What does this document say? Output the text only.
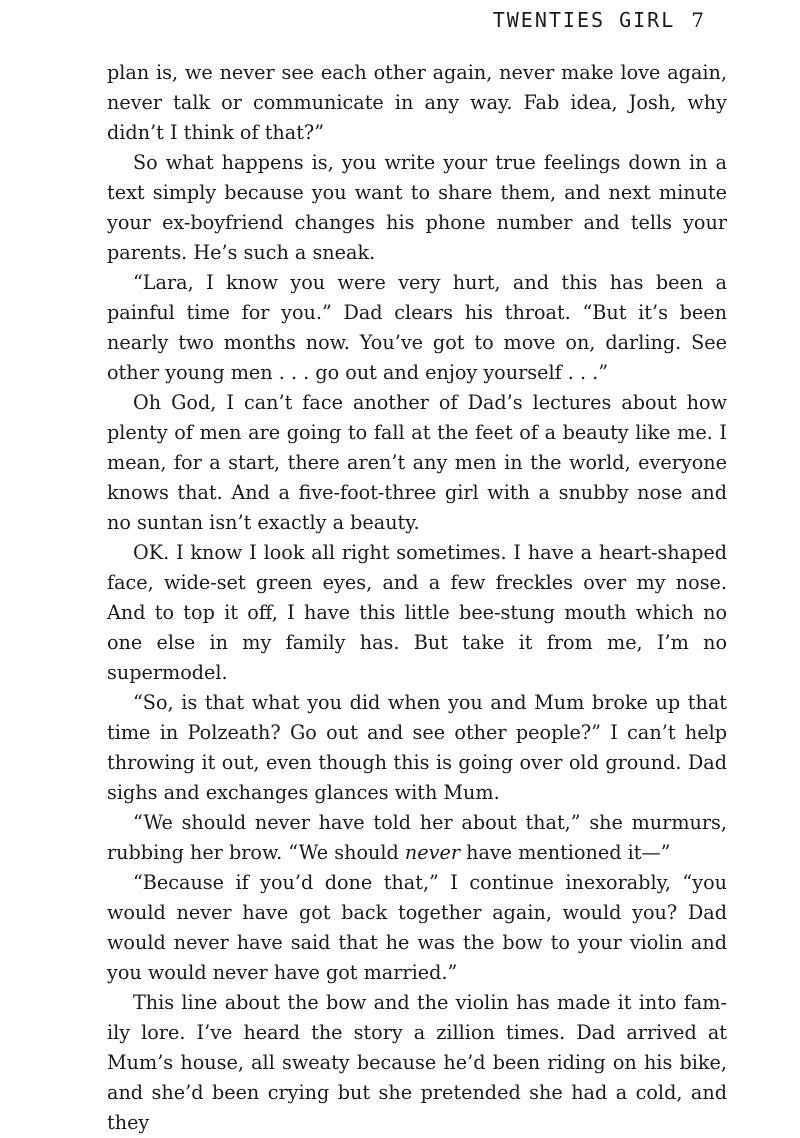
TWENTIES GIRL 7

plan is, we never see each other again, never make love again, never talk or communicate in any way. Fab idea, Josh, why didn’t I think of that?”

So what happens is, you write your true feelings down in a text simply because you want to share them, and next minute your ex-boyfriend changes his phone number and tells your parents. He’s such a sneak.

“Lara, I know you were very hurt, and this has been a painful time for you.” Dad clears his throat. “But it’s been nearly two months now. You’ve got to move on, darling. See other young men . . . go out and enjoy yourself . . .”

Oh God, I can’t face another of Dad’s lectures about how plenty of men are going to fall at the feet of a beauty like me. I mean, for a start, there aren’t any men in the world, everyone knows that. And a five-foot-three girl with a snubby nose and no suntan isn’t exactly a beauty.

OK. I know I look all right sometimes. I have a heart-shaped face, wide-set green eyes, and a few freckles over my nose. And to top it off, I have this little bee-stung mouth which no one else in my family has. But take it from me, I’m no supermodel.

“So, is that what you did when you and Mum broke up that time in Polzeath? Go out and see other people?” I can’t help throwing it out, even though this is going over old ground. Dad sighs and exchanges glances with Mum.

“We should never have told her about that,” she murmurs, rubbing her brow. “We should never have mentioned it—”

“Because if you’d done that,” I continue inexorably, “you would never have got back together again, would you? Dad would never have said that he was the bow to your violin and you would never have got married.”

This line about the bow and the violin has made it into family lore. I’ve heard the story a zillion times. Dad arrived at Mum’s house, all sweaty because he’d been riding on his bike, and she’d been crying but she pretended she had a cold, and they
